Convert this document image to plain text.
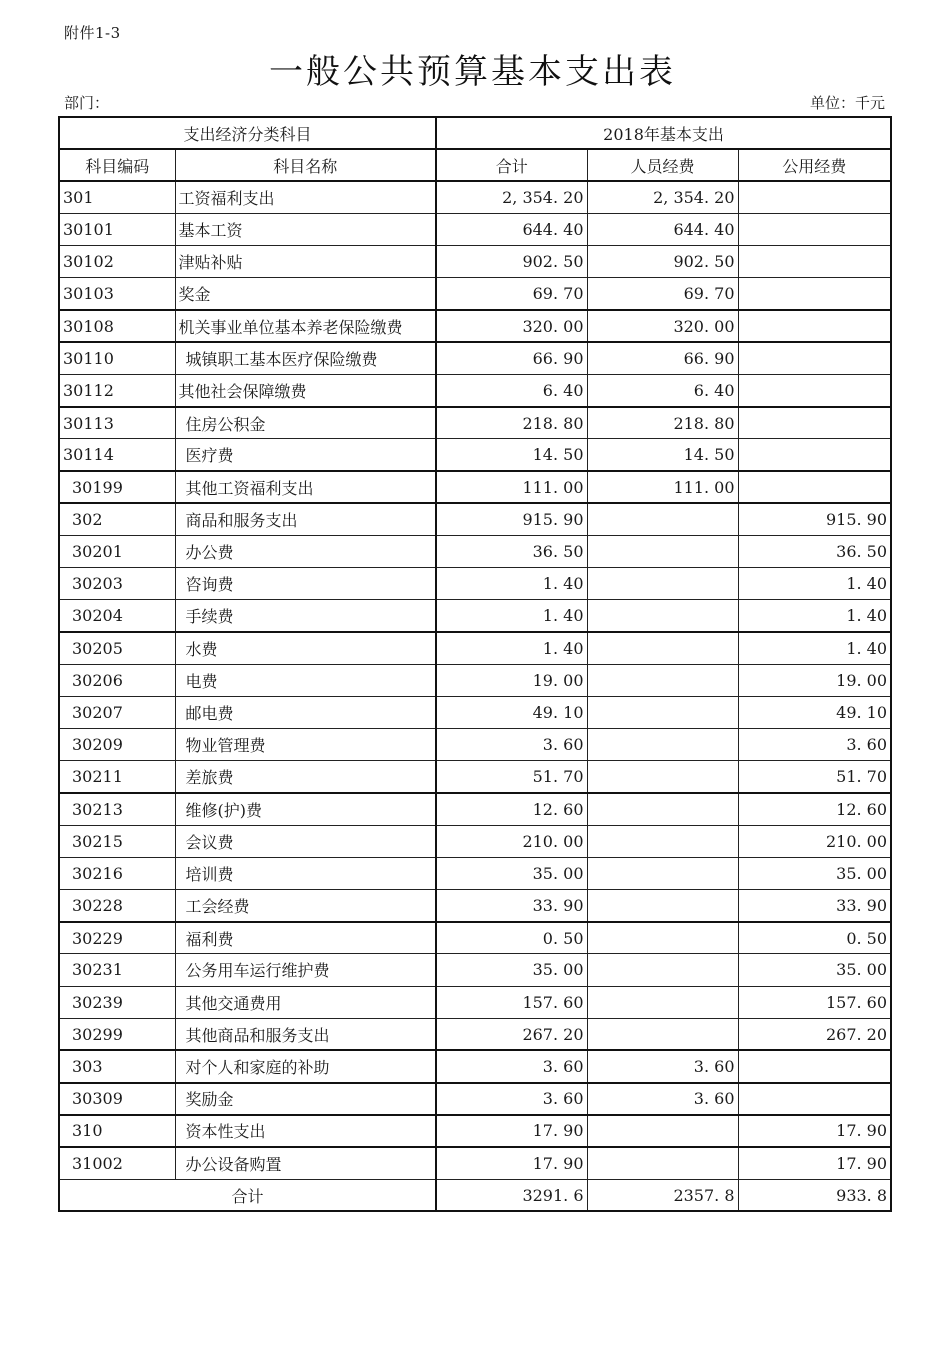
附件1-3
一般公共预算基本支出表
部门：	单位：千元
支出经济分类科目		2018年基本支出		
科目编码	科目名称	合计	人员经费	公用经费
301	工资福利支出	2, 354. 20	2, 354. 20	
30101	基本工资	644. 40	644. 40	
30102	津贴补贴	902. 50	902. 50	
30103	奖金	69. 70	69. 70	
30108	机关事业单位基本养老保险缴费	320. 00	320. 00	
30110	城镇职工基本医疗保险缴费	66. 90	66. 90	
30112	其他社会保障缴费	6. 40	6. 40	
30113	住房公积金	218. 80	218. 80	
30114	医疗费	14. 50	14. 50	
30199	其他工资福利支出	111. 00	111. 00	
302	商品和服务支出	915. 90		915. 90
30201	办公费	36. 50		36. 50
30203	咨询费	1. 40		1. 40
30204	手续费	1. 40		1. 40
30205	水费	1. 40		1. 40
30206	电费	19. 00		19. 00
30207	邮电费	49. 10		49. 10
30209	物业管理费	3. 60		3. 60
30211	差旅费	51. 70		51. 70
30213	维修(护)费	12. 60		12. 60
30215	会议费	210. 00		210. 00
30216	培训费	35. 00		35. 00
30228	工会经费	33. 90		33. 90
30229	福利费	0. 50		0. 50
30231	公务用车运行维护费	35. 00		35. 00
30239	其他交通费用	157. 60		157. 60
30299	其他商品和服务支出	267. 20		267. 20
303	对个人和家庭的补助	3. 60	3. 60	
30309	奖励金	3. 60	3. 60	
310	资本性支出	17. 90		17. 90
31002	办公设备购置	17. 90		17. 90
合计		3291. 6	2357. 8	933. 8
